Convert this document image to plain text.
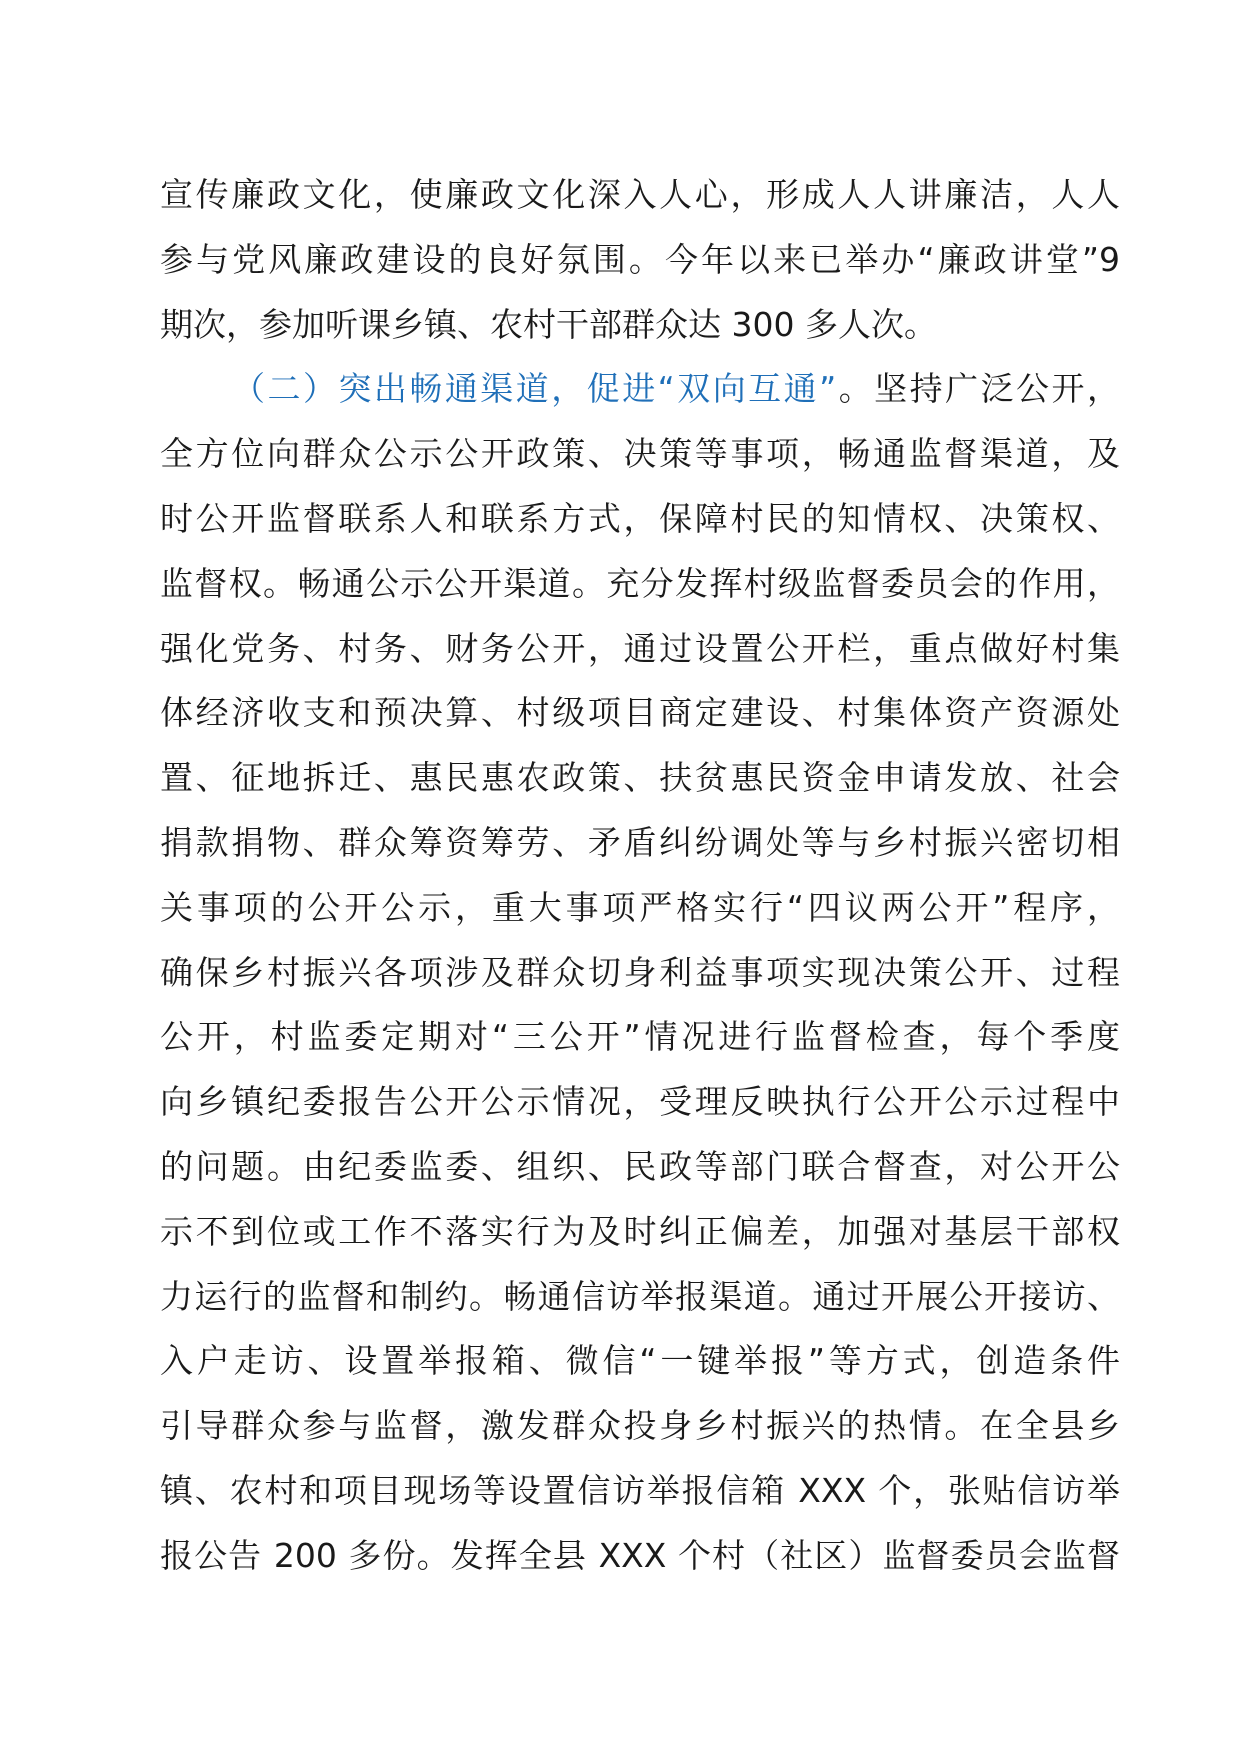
宣传廉政文化，使廉政文化深入人心，形成人人讲廉洁，人人
参与党风廉政建设的良好氛围。今年以来已举办“廉政讲堂”9
期次，参加听课乡镇、农村干部群众达 300 多人次。
（二）突出畅通渠道，促进“双向互通”。坚持广泛公开，
全方位向群众公示公开政策、决策等事项，畅通监督渠道，及
时公开监督联系人和联系方式，保障村民的知情权、决策权、
监督权。畅通公示公开渠道。充分发挥村级监督委员会的作用，
强化党务、村务、财务公开，通过设置公开栏，重点做好村集
体经济收支和预决算、村级项目商定建设、村集体资产资源处
置、征地拆迁、惠民惠农政策、扶贫惠民资金申请发放、社会
捐款捐物、群众筹资筹劳、矛盾纠纷调处等与乡村振兴密切相
关事项的公开公示，重大事项严格实行“四议两公开”程序，
确保乡村振兴各项涉及群众切身利益事项实现决策公开、过程
公开，村监委定期对“三公开”情况进行监督检查，每个季度
向乡镇纪委报告公开公示情况，受理反映执行公开公示过程中
的问题。由纪委监委、组织、民政等部门联合督查，对公开公
示不到位或工作不落实行为及时纠正偏差，加强对基层干部权
力运行的监督和制约。畅通信访举报渠道。通过开展公开接访、
入户走访、设置举报箱、微信“一键举报”等方式，创造条件
引导群众参与监督，激发群众投身乡村振兴的热情。在全县乡
镇、农村和项目现场等设置信访举报信箱 XXX 个，张贴信访举
报公告 200 多份。发挥全县 XXX 个村（社区）监督委员会监督
